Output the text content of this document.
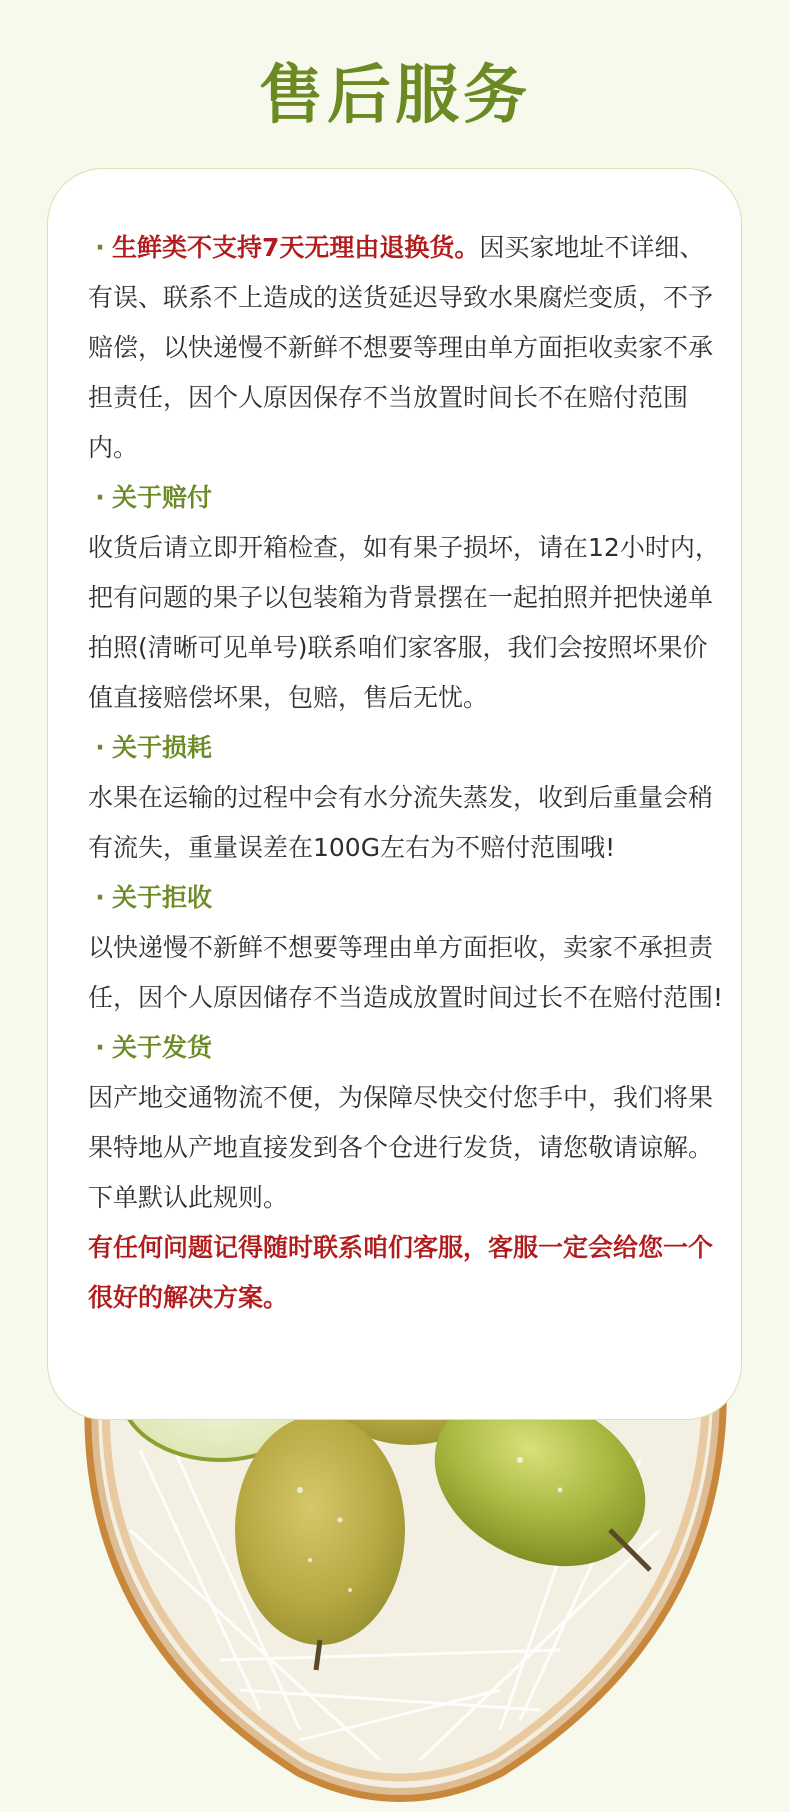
售后服务

· 生鲜类不支持7天无理由退换货。因买家地址不详细、有误、联系不上造成的送货延迟导致水果腐烂变质，不予赔偿，以快递慢不新鲜不想要等理由单方面拒收卖家不承担责任，因个人原因保存不当放置时间长不在赔付范围内。

· 关于赔付

收货后请立即开箱检查，如有果子损坏，请在12小时内，把有问题的果子以包装箱为背景摆在一起拍照并把快递单拍照(清晰可见单号)联系咱们家客服，我们会按照坏果价值直接赔偿坏果，包赔，售后无忧。

· 关于损耗

水果在运输的过程中会有水分流失蒸发，收到后重量会稍有流失，重量误差在100G左右为不赔付范围哦!

· 关于拒收

以快递慢不新鲜不想要等理由单方面拒收，卖家不承担责任，因个人原因储存不当造成放置时间过长不在赔付范围!

· 关于发货

因产地交通物流不便，为保障尽快交付您手中，我们将果果特地从产地直接发到各个仓进行发货，请您敬请谅解。下单默认此规则。

有任何问题记得随时联系咱们客服，客服一定会给您一个很好的解决方案。
